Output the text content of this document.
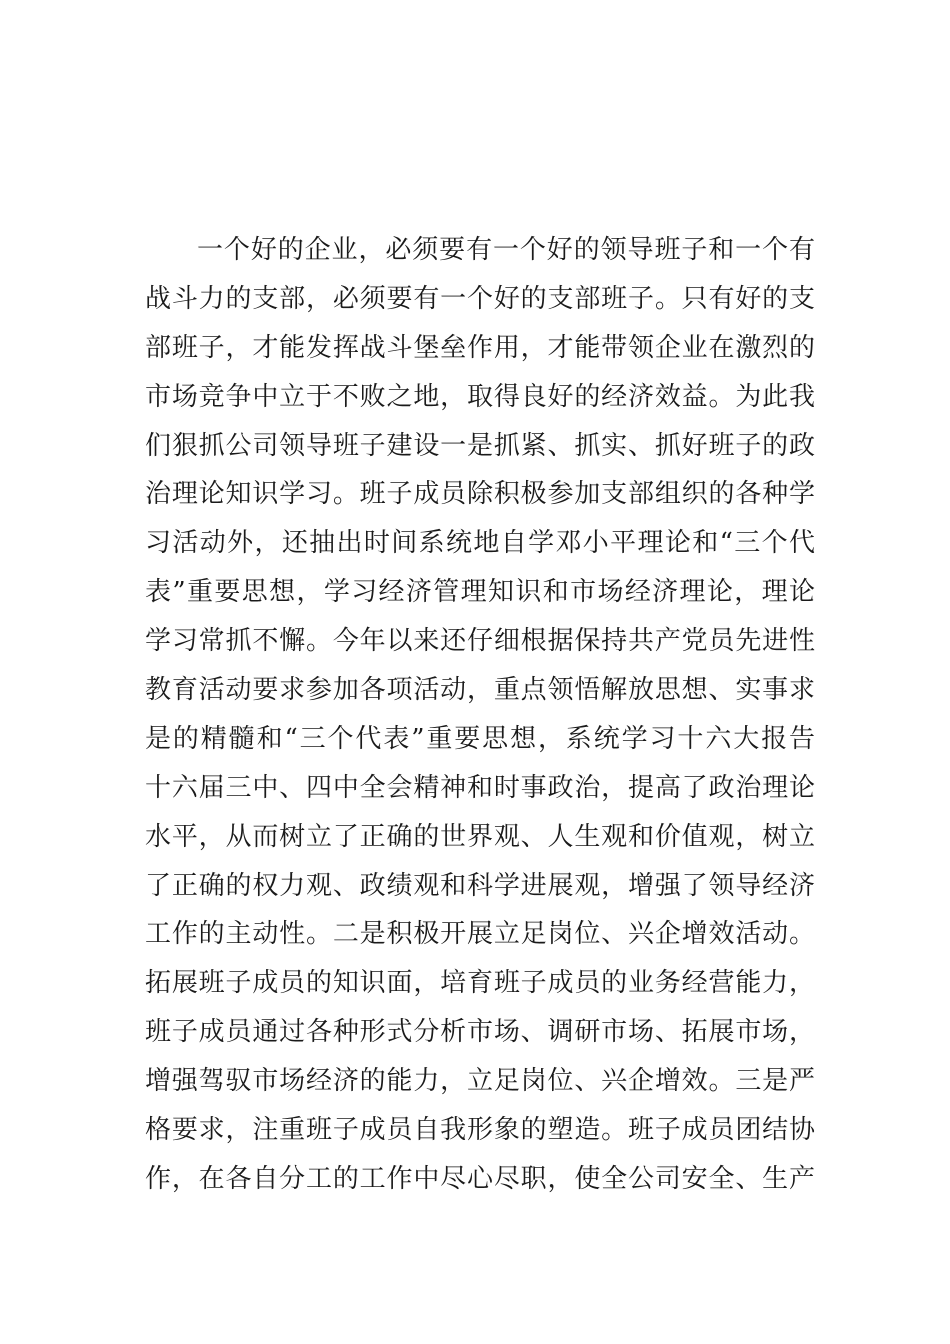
一个好的企业，必须要有一个好的领导班子和一个有
战斗力的支部，必须要有一个好的支部班子。只有好的支
部班子，才能发挥战斗堡垒作用，才能带领企业在激烈的
市场竞争中立于不败之地，取得良好的经济效益。为此我
们狠抓公司领导班子建设一是抓紧、抓实、抓好班子的政
治理论知识学习。班子成员除积极参加支部组织的各种学
习活动外，还抽出时间系统地自学邓小平理论和“三个代
表”重要思想，学习经济管理知识和市场经济理论，理论
学习常抓不懈。今年以来还仔细根据保持共产党员先进性
教育活动要求参加各项活动，重点领悟解放思想、实事求
是的精髓和“三个代表”重要思想，系统学习十六大报告
十六届三中、四中全会精神和时事政治，提高了政治理论
水平，从而树立了正确的世界观、人生观和价值观，树立
了正确的权力观、政绩观和科学进展观，增强了领导经济
工作的主动性。二是积极开展立足岗位、兴企增效活动。
拓展班子成员的知识面，培育班子成员的业务经营能力，
班子成员通过各种形式分析市场、调研市场、拓展市场，
增强驾驭市场经济的能力，立足岗位、兴企增效。三是严
格要求，注重班子成员自我形象的塑造。班子成员团结协
作，在各自分工的工作中尽心尽职，使全公司安全、生产
